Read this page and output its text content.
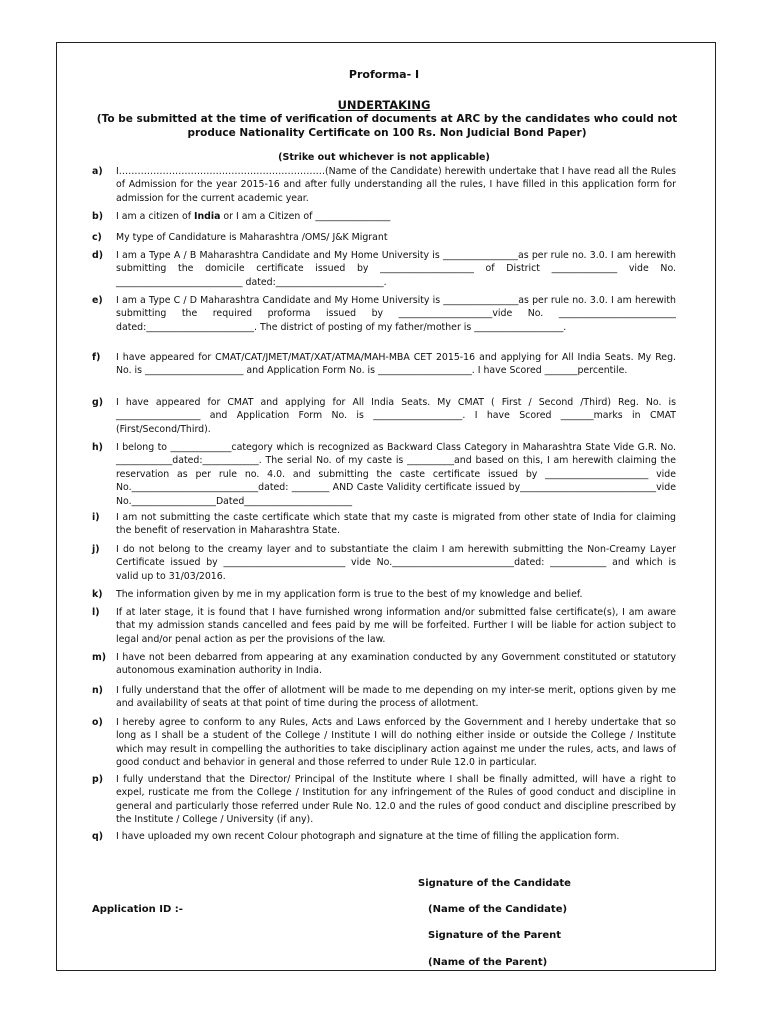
Proforma- I
UNDERTAKING
(To be submitted at the time of verification of documents at ARC by the candidates who could not
produce Nationality Certificate on 100 Rs. Non Judicial Bond Paper)
(Strike out whichever is not applicable)
a)	I…………………………………………………………(Name of the Candidate) herewith undertake that I have read all the Rules of Admission for the year 2015-16 and after fully understanding all the rules, I have filled in this application form for admission for the current academic year.
b)	I am a citizen of India or I am a Citizen of ________________
c)	My type of Candidature is Maharashtra /OMS/ J&K Migrant
d)	I am a Type A / B Maharashtra Candidate and My Home University is ________________as per rule no. 3.0. I am herewith submitting the domicile certificate issued by ____________________ of District ______________ vide No. ___________________________ dated:_______________________.
e)	I am a Type C / D Maharashtra Candidate and My Home University is ________________as per rule no. 3.0. I am herewith submitting the required proforma issued by ____________________vide No. _________________________ dated:_______________________. The district of posting of my father/mother is ___________________.
f)	I have appeared for CMAT/CAT/JMET/MAT/XAT/ATMA/MAH-MBA CET 2015-16 and applying for All India Seats. My Reg. No. is _____________________ and Application Form No. is ____________________. I have Scored _______percentile.
g)	I have appeared for CMAT and applying for All India Seats. My CMAT ( First / Second /Third) Reg. No. is __________________ and Application Form No. is ___________________. I have Scored _______marks in CMAT (First/Second/Third).
h)	I belong to _____________category which is recognized as Backward Class Category in Maharashtra State Vide G.R. No. ____________dated:____________. The serial No. of my caste is __________and based on this, I am herewith claiming the reservation as per rule no. 4.0. and submitting the caste certificate issued by ______________________ vide No.___________________________dated: ________ AND Caste Validity certificate issued by_____________________________vide No.__________________Dated_______________________
i)	I am not submitting the caste certificate which state that my caste is migrated from other state of India for claiming the benefit of reservation in Maharashtra State.
j)	I do not belong to the creamy layer and to substantiate the claim I am herewith submitting the Non-Creamy Layer Certificate issued by __________________________ vide No.__________________________dated: ____________ and which is valid up to 31/03/2016.
k)	The information given by me in my application form is true to the best of my knowledge and belief.
l)	If at later stage, it is found that I have furnished wrong information and/or submitted false certificate(s), I am aware that my admission stands cancelled and fees paid by me will be forfeited. Further I will be liable for action subject to legal and/or penal action as per the provisions of the law.
m)	I have not been debarred from appearing at any examination conducted by any Government constituted or statutory autonomous examination authority in India.
n)	I fully understand that the offer of allotment will be made to me depending on my inter-se merit, options given by me and availability of seats at that point of time during the process of allotment.
o)	I hereby agree to conform to any Rules, Acts and Laws enforced by the Government and I hereby undertake that so long as I shall be a student of the College / Institute I will do nothing either inside or outside the College / Institute which may result in compelling the authorities to take disciplinary action against me under the rules, acts, and laws of good conduct and behavior in general and those referred to under Rule 12.0 in particular.
p)	I fully understand that the Director/ Principal of the Institute where I shall be finally admitted, will have a right to expel, rusticate me from the College / Institution for any infringement of the Rules of good conduct and discipline in general and particularly those referred under Rule No. 12.0 and the rules of good conduct and discipline prescribed by the Institute / College / University (if any).
q)	I have uploaded my own recent Colour photograph and signature at the time of filling the application form.
Signature of the Candidate
Application ID :-	(Name of the Candidate)
Signature of the Parent
(Name of the Parent)
